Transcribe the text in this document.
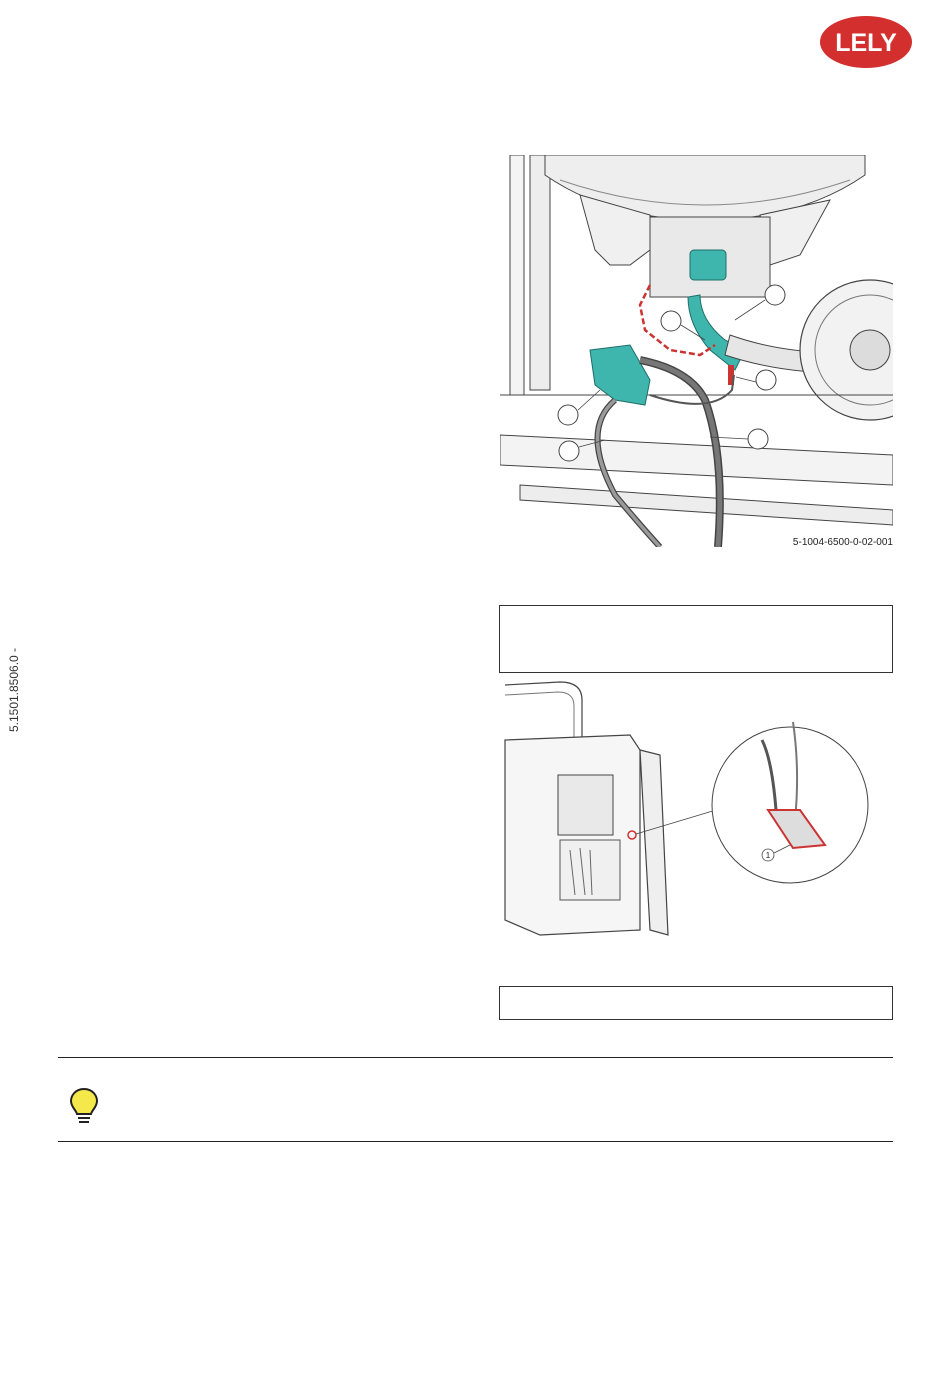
LELY
5.1501.8506.0 -
5-1004-6500-0-02-001
1
